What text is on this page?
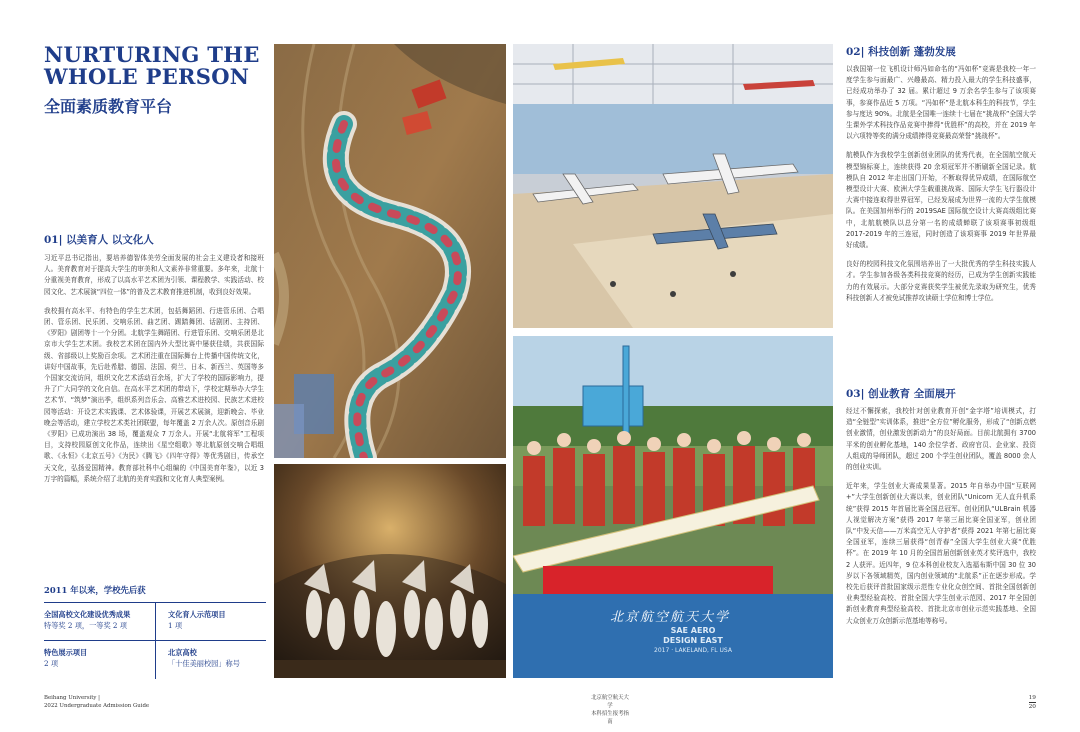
NURTURING THE
WHOLE PERSON
全面素质教育平台
01| 以美育人 以文化人

习近平总书记指出，要培养德智体美劳全面发展的社会主义建设者和接班人。美育教育对于提高大学生的审美和人文素养非常重要。多年来，北航十分重视美育教育，形成了以高水平艺术团为引领、课程教学、实践活动、校园文化、艺术展演“四位一体”的普及艺术教育推进机制，收到良好效果。

我校拥有高水平、有特色的学生艺术团，包括舞蹈团、行进管乐团、合唱团、管乐团、民乐团、交响乐团、曲艺团、踢踏舞团、话剧团、主持团、《罗阳》剧团等十一个分团。北航学生舞蹈团、行进管乐团、交响乐团是北京市大学生艺术团。我校艺术团在国内外大型比赛中屡获佳绩，共获国际级、省部级以上奖励百余项。艺术团注重在国际舞台上传播中国传统文化，讲好中国故事，先后赴希腊、德国、法国、荷兰、日本、新西兰、英国等多个国家交流访问，组织文化艺术活动百余场，扩大了学校的国际影响力，提升了广大同学的文化自信。在高水平艺术团的带动下，学校定期举办大学生艺术节、“筑梦”演出季，组织系列音乐会、高雅艺术进校园、民族艺术进校园等活动：开设艺术实践课、艺术体验课，开展艺术展演，迎新晚会、毕业晚会等活动，建立学校艺术类社团联盟，每年覆盖 2 万余人次。原创音乐剧《罗阳》已成功演出 38 场，覆盖观众 7 万余人。开展“北航将军”工程项目，支持校园原创文化作品，连续出《星空组歌》等北航原创交响合唱组歌、《永恒》《北京五号》《为民》《腾飞》《四年守得》等优秀剧目，传承空天文化，弘扬爱国精神。教育部社科中心组编的《中国美育年鉴》，以近 3 万字的篇幅，系统介绍了北航的美育实践和文化育人典型案例。

2011 年以来，学校先后获
全国高校文化建设优秀成果
特等奖 2 项，一等奖 2 项
文化育人示范项目
1 项
特色展示项目
2 项
北京高校
「十佳美丽校园」称号
北京航空航天大学
SAE AERO
DESIGN EAST
2017 · LAKELAND, FL USA
02| 科技创新 蓬勃发展

以我国第一位飞机设计师冯如命名的“冯如杯”竞赛是我校一年一度学生参与面最广、兴趣最高、精力投入最大的学生科技盛事，已经成功举办了 32 届。累计超过 9 万余名学生参与了该项赛事，参赛作品近 5 万项。“冯如杯”是北航本科生的科技节，学生参与度达 90%。北航是全国唯一连续十七届在“挑战杯”全国大学生课外学术科技作品竞赛中捧得“优胜杯”的高校，并在 2019 年以六项特等奖的满分成绩捧得竞赛最高荣誉“挑战杯”。

航模队作为我校学生创新创业团队的优秀代表，在全国航空航天模型锦标赛上，连续获得 20 余项冠军并不断刷新全国记录。航模队自 2012 年走出国门开始，不断取得优异成绩，在国际航空模型设计大赛、欧洲大学生载重挑战赛、国际大学生飞行器设计大赛中接连取得世界冠军，已经发展成为世界一流的大学生航模队。在美国加州举行的 2019SAE 国际航空设计大赛高级组比赛中，北航航模队以总分第一名的成绩蝉联了该项赛事初级组 2017-2019 年的三连冠，同时创造了该项赛事 2019 年世界最好成绩。

良好的校园科技文化氛围培养出了一大批优秀的学生科技实践人才。学生参加各级各类科技竞赛的经历，已成为学生创新实践能力的有效展示。大部分竞赛获奖学生被优先录取为研究生，优秀科技创新人才被免试推荐攻读硕士学位和博士学位。

03| 创业教育 全面展开

经过不懈探索，我校针对创业教育开创“金字塔”培训模式，打造“全链型”实训体系，推进“全方位”孵化服务，形成了“创新点燃创业激情，创业激发创新动力”的良好局面。目前北航拥有 3700 平米的创业孵化基地，140 余位学者、政府官员、企业家、投资人组成的导师团队，超过 200 个学生创业团队，覆盖 8000 余人的创业实训。

近年来，学生创业大赛成果显著。2015 年自举办中国“互联网+”大学生创新创业大赛以来，创业团队“Unicorn 无人直升机系统”获得 2015 年首届比赛全国总冠军。创业团队“ULBrain 机器人视觉解决方案”获得 2017 年第三届比赛全国亚军，创业团队“中发天信——万米高空无人守护者”获得 2021 年第七届比赛全国亚军，连续三届获得“创青春”全国大学生创业大赛“优胜杯”。在 2019 年 10 月的全国首届创新创业英才奖评选中，我校 2 人获评。近四年，9 位本科创业校友入选福布斯中国 30 位 30 岁以下各领域精英，国内创业领域的“北航系”正在逐步形成。学校先后获评首批国家级示范性专业化众创空间、首批全国创新创业典型经验高校、首批全国大学生创业示范园、2017 年全国创新创业教育典型经验高校、首批北京市创业示范实践基地、全国大众创业万众创新示范基地等称号。

Beihang University |
2022 Undergraduate Admission Guide
北京航空航天大学
本科招生报考指南
19
20
